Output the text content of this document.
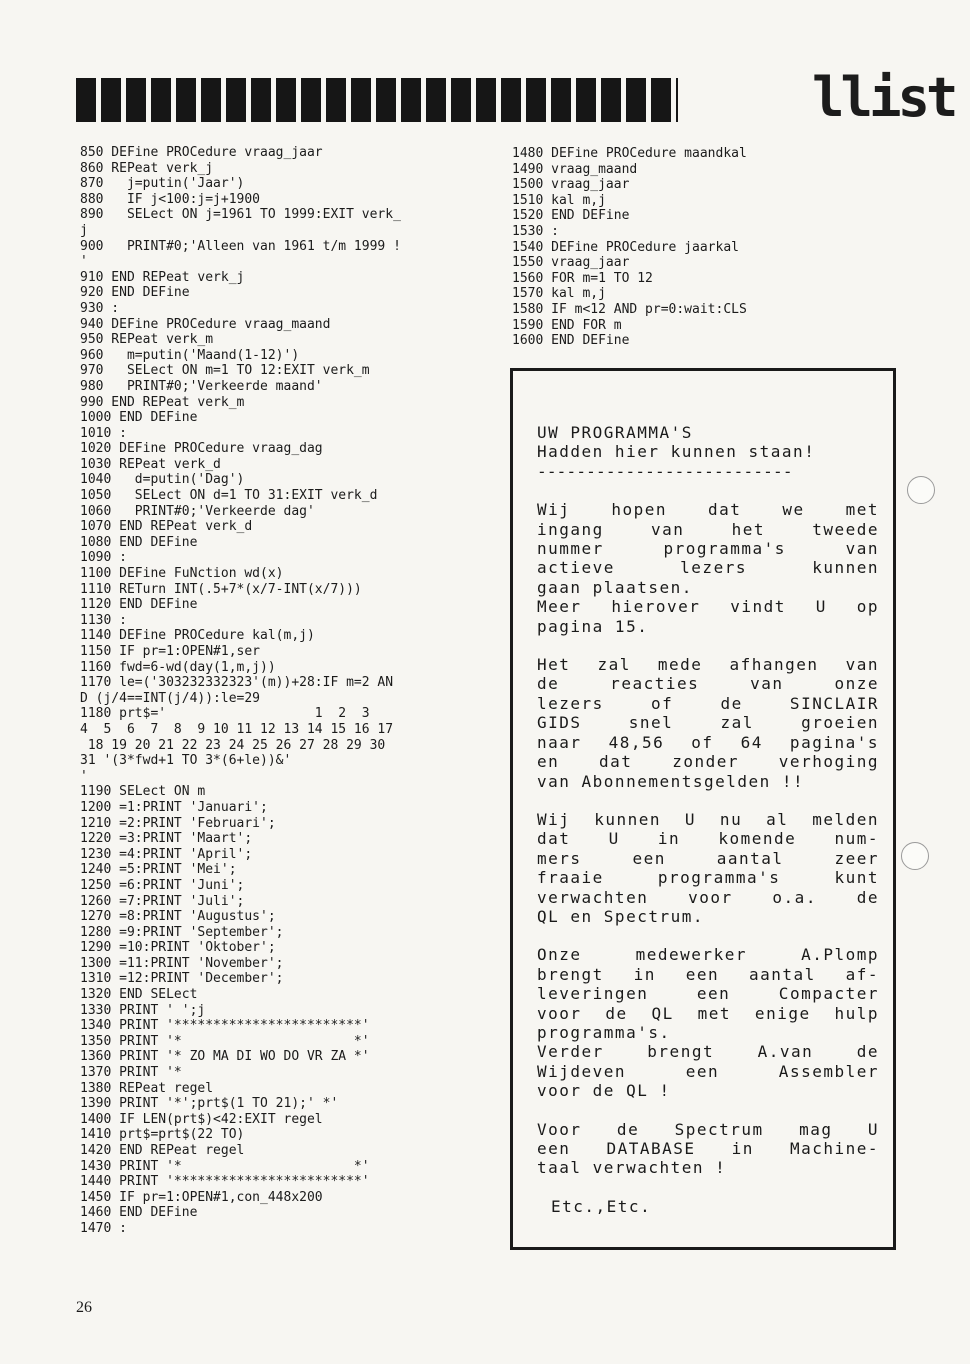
llist
850 DEFine PROCedure vraag_jaar
860 REPeat verk_j
870   j=putin('Jaar')
880   IF j<100:j=j+1900
890   SELect ON j=1961 TO 1999:EXIT verk_
j
900   PRINT#0;'Alleen van 1961 t/m 1999 !
'
910 END REPeat verk_j
920 END DEFine
930 :
940 DEFine PROCedure vraag_maand
950 REPeat verk_m
960   m=putin('Maand(1-12)')
970   SELect ON m=1 TO 12:EXIT verk_m
980   PRINT#0;'Verkeerde maand'
990 END REPeat verk_m
1000 END DEFine
1010 :
1020 DEFine PROCedure vraag_dag
1030 REPeat verk_d
1040   d=putin('Dag')
1050   SELect ON d=1 TO 31:EXIT verk_d
1060   PRINT#0;'Verkeerde dag'
1070 END REPeat verk_d
1080 END DEFine
1090 :
1100 DEFine FuNction wd(x)
1110 RETurn INT(.5+7*(x/7-INT(x/7)))
1120 END DEFine
1130 :
1140 DEFine PROCedure kal(m,j)
1150 IF pr=1:OPEN#1,ser
1160 fwd=6-wd(day(1,m,j))
1170 le=('303232332323'(m))+28:IF m=2 AN
D (j/4==INT(j/4)):le=29
1180 prt$='                   1  2  3
4  5  6  7  8  9 10 11 12 13 14 15 16 17
18 19 20 21 22 23 24 25 26 27 28 29 30
31 '(3*fwd+1 TO 3*(6+le))&'
'
1190 SELect ON m
1200 =1:PRINT 'Januari';
1210 =2:PRINT 'Februari';
1220 =3:PRINT 'Maart';
1230 =4:PRINT 'April';
1240 =5:PRINT 'Mei';
1250 =6:PRINT 'Juni';
1260 =7:PRINT 'Juli';
1270 =8:PRINT 'Augustus';
1280 =9:PRINT 'September';
1290 =10:PRINT 'Oktober';
1300 =11:PRINT 'November';
1310 =12:PRINT 'December';
1320 END SELect
1330 PRINT ' ';j
1340 PRINT '************************'
1350 PRINT '*                      *'
1360 PRINT '* ZO MA DI WO DO VR ZA *'
1370 PRINT '*
1380 REPeat regel
1390 PRINT '*';prt$(1 TO 21);' *'
1400 IF LEN(prt$)<42:EXIT regel
1410 prt$=prt$(22 TO)
1420 END REPeat regel
1430 PRINT '*                      *'
1440 PRINT '************************'
1450 IF pr=1:OPEN#1,con_448x200
1460 END DEFine
1470 :
1480 DEFine PROCedure maandkal
1490 vraag_maand
1500 vraag_jaar
1510 kal m,j
1520 END DEFine
1530 :
1540 DEFine PROCedure jaarkal
1550 vraag_jaar
1560 FOR m=1 TO 12
1570 kal m,j
1580 IF m<12 AND pr=0:wait:CLS
1590 END FOR m
1600 END DEFine
UW PROGRAMMA'S
Hadden hier kunnen staan!
--------------------------
Wij hopen dat we met
ingang van het tweede
nummer programma's van
actieve lezers kunnen
gaan plaatsen.
Meer hierover vindt U op
pagina 15.
Het zal mede afhangen van
de reacties van onze
lezers of de SINCLAIR
GIDS snel zal groeien
naar 48,56 of 64 pagina's
en dat zonder verhoging
van Abonnementsgelden !!
Wij kunnen U nu al melden
dat U in komende num-
mers een aantal zeer
fraaie programma's kunt
verwachten voor o.a. de
QL en Spectrum.
Onze medewerker A.Plomp
brengt in een aantal af-
leveringen een Compacter
voor de QL met enige hulp
programma's.
Verder brengt A.van de
Wijdeven een Assembler
voor de QL !
Voor de Spectrum mag U
een DATABASE in Machine-
taal verwachten !
Etc.,Etc.
26
